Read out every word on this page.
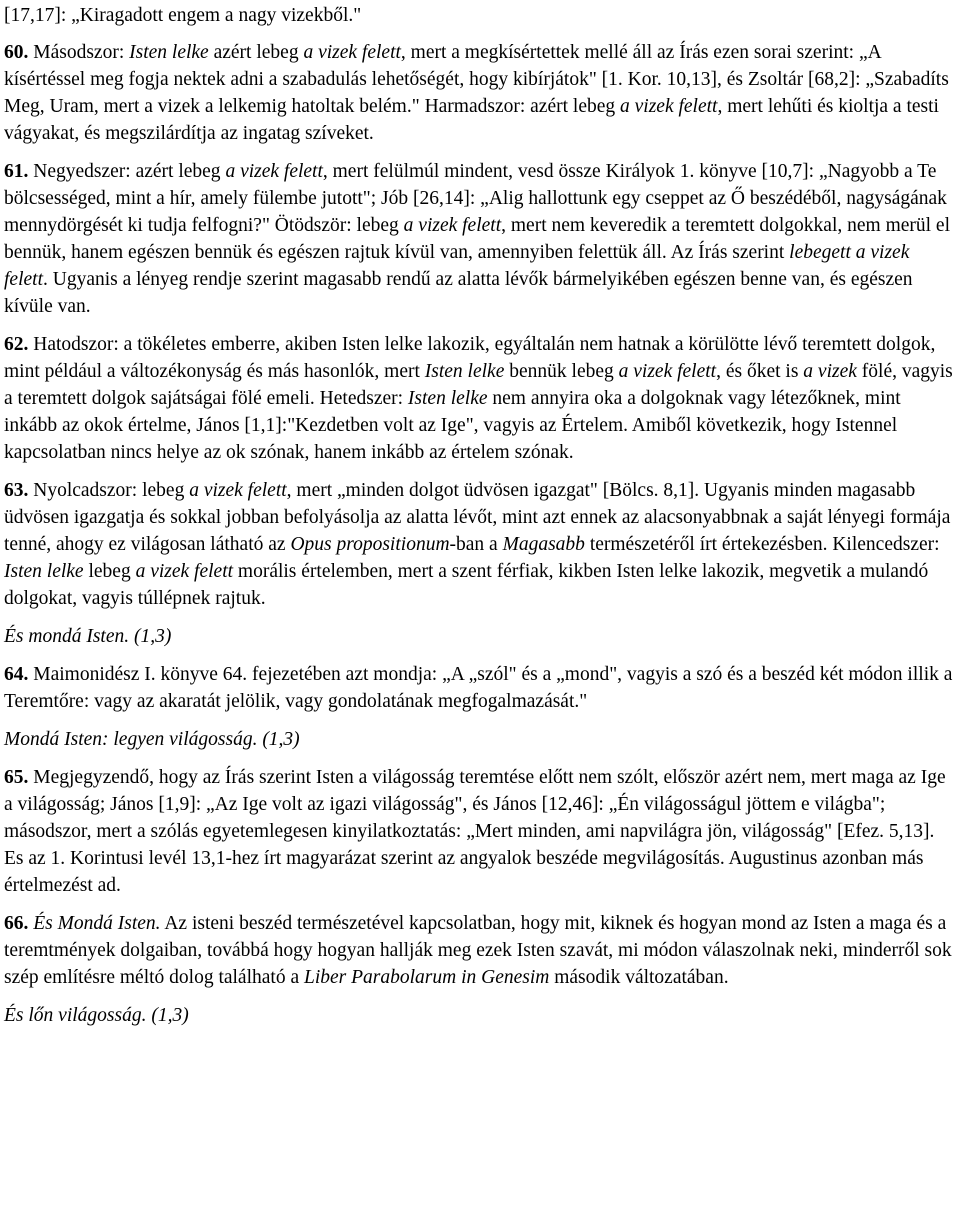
[17,17]: „Kiragadott engem a nagy vizekből."

60. Másodszor: Isten lelke azért lebeg a vizek felett, mert a megkísértettek mellé áll az Írás ezen sorai szerint: „A kísértéssel meg fogja nektek adni a szabadulás lehetőségét, hogy kibírjátok" [1. Kor. 10,13], és Zsoltár [68,2]: „Szabadíts Meg, Uram, mert a vizek a lelkemig hatoltak belém." Harmadszor: azért lebeg a vizek felett, mert lehűti és kioltja a testi vágyakat, és megszilárdítja az ingatag szíveket.

61. Negyedszer: azért lebeg a vizek felett, mert felülmúl mindent, vesd össze Királyok 1. könyve [10,7]: „Nagyobb a Te bölcsességed, mint a hír, amely fülembe jutott"; Jób [26,14]: „Alig hallottunk egy cseppet az Ő beszédéből, nagyságának mennydörgését ki tudja felfogni?" Ötödször: lebeg a vizek felett, mert nem keveredik a teremtett dolgokkal, nem merül el bennük, hanem egészen bennük és egészen rajtuk kívül van, amennyiben felettük áll. Az Írás szerint lebegett a vizek felett. Ugyanis a lényeg rendje szerint magasabb rendű az alatta lévők bármelyikében egészen benne van, és egészen kívüle van.

62. Hatodszor: a tökéletes emberre, akiben Isten lelke lakozik, egyáltalán nem hatnak a körülötte lévő teremtett dolgok, mint például a változékonyság és más hasonlók, mert Isten lelke bennük lebeg a vizek felett, és őket is a vizek fölé, vagyis a teremtett dolgok sajátságai fölé emeli. Hetedszer: Isten lelke nem annyira oka a dolgoknak vagy létezőknek, mint inkább az okok értelme, János [1,1]:"Kezdetben volt az Ige", vagyis az Értelem. Amiből következik, hogy Istennel kapcsolatban nincs helye az ok szónak, hanem inkább az értelem szónak.

63. Nyolcadszor: lebeg a vizek felett, mert „minden dolgot üdvösen igazgat" [Bölcs. 8,1]. Ugyanis minden magasabb üdvösen igazgatja és sokkal jobban befolyásolja az alatta lévőt, mint azt ennek az alacsonyabbnak a saját lényegi formája tenné, ahogy ez világosan látható az Opus propositionum-ban a Magasabb természetéről írt értekezésben. Kilencedszer: Isten lelke lebeg a vizek felett morális értelemben, mert a szent férfiak, kikben Isten lelke lakozik, megvetik a mulandó dolgokat, vagyis túllépnek rajtuk.

És mondá Isten. (1,3)

64. Maimonidész I. könyve 64. fejezetében azt mondja: „A „szól" és a „mond", vagyis a szó és a beszéd két módon illik a Teremtőre: vagy az akaratát jelölik, vagy gondolatának megfogalmazását."

Mondá Isten: legyen világosság. (1,3)

65. Megjegyzendő, hogy az Írás szerint Isten a világosság teremtése előtt nem szólt, először azért nem, mert maga az Ige a világosság; János [1,9]: „Az Ige volt az igazi világosság", és János [12,46]: „Én világosságul jöttem e világba"; másodszor, mert a szólás egyetemlegesen kinyilatkoztatás: „Mert minden, ami napvilágra jön, világosság" [Efez. 5,13]. Es az 1. Korintusi levél 13,1-hez írt magyarázat szerint az angyalok beszéde megvilágosítás. Augustinus azonban más értelmezést ad.

66. És Mondá Isten. Az isteni beszéd természetével kapcsolatban, hogy mit, kiknek és hogyan mond az Isten a maga és a teremtmények dolgaiban, továbbá hogy hogyan hallják meg ezek Isten szavát, mi módon válaszolnak neki, minderről sok szép említésre méltó dolog található a Liber Parabolarum in Genesim második változatában.

És lőn világosság. (1,3)
